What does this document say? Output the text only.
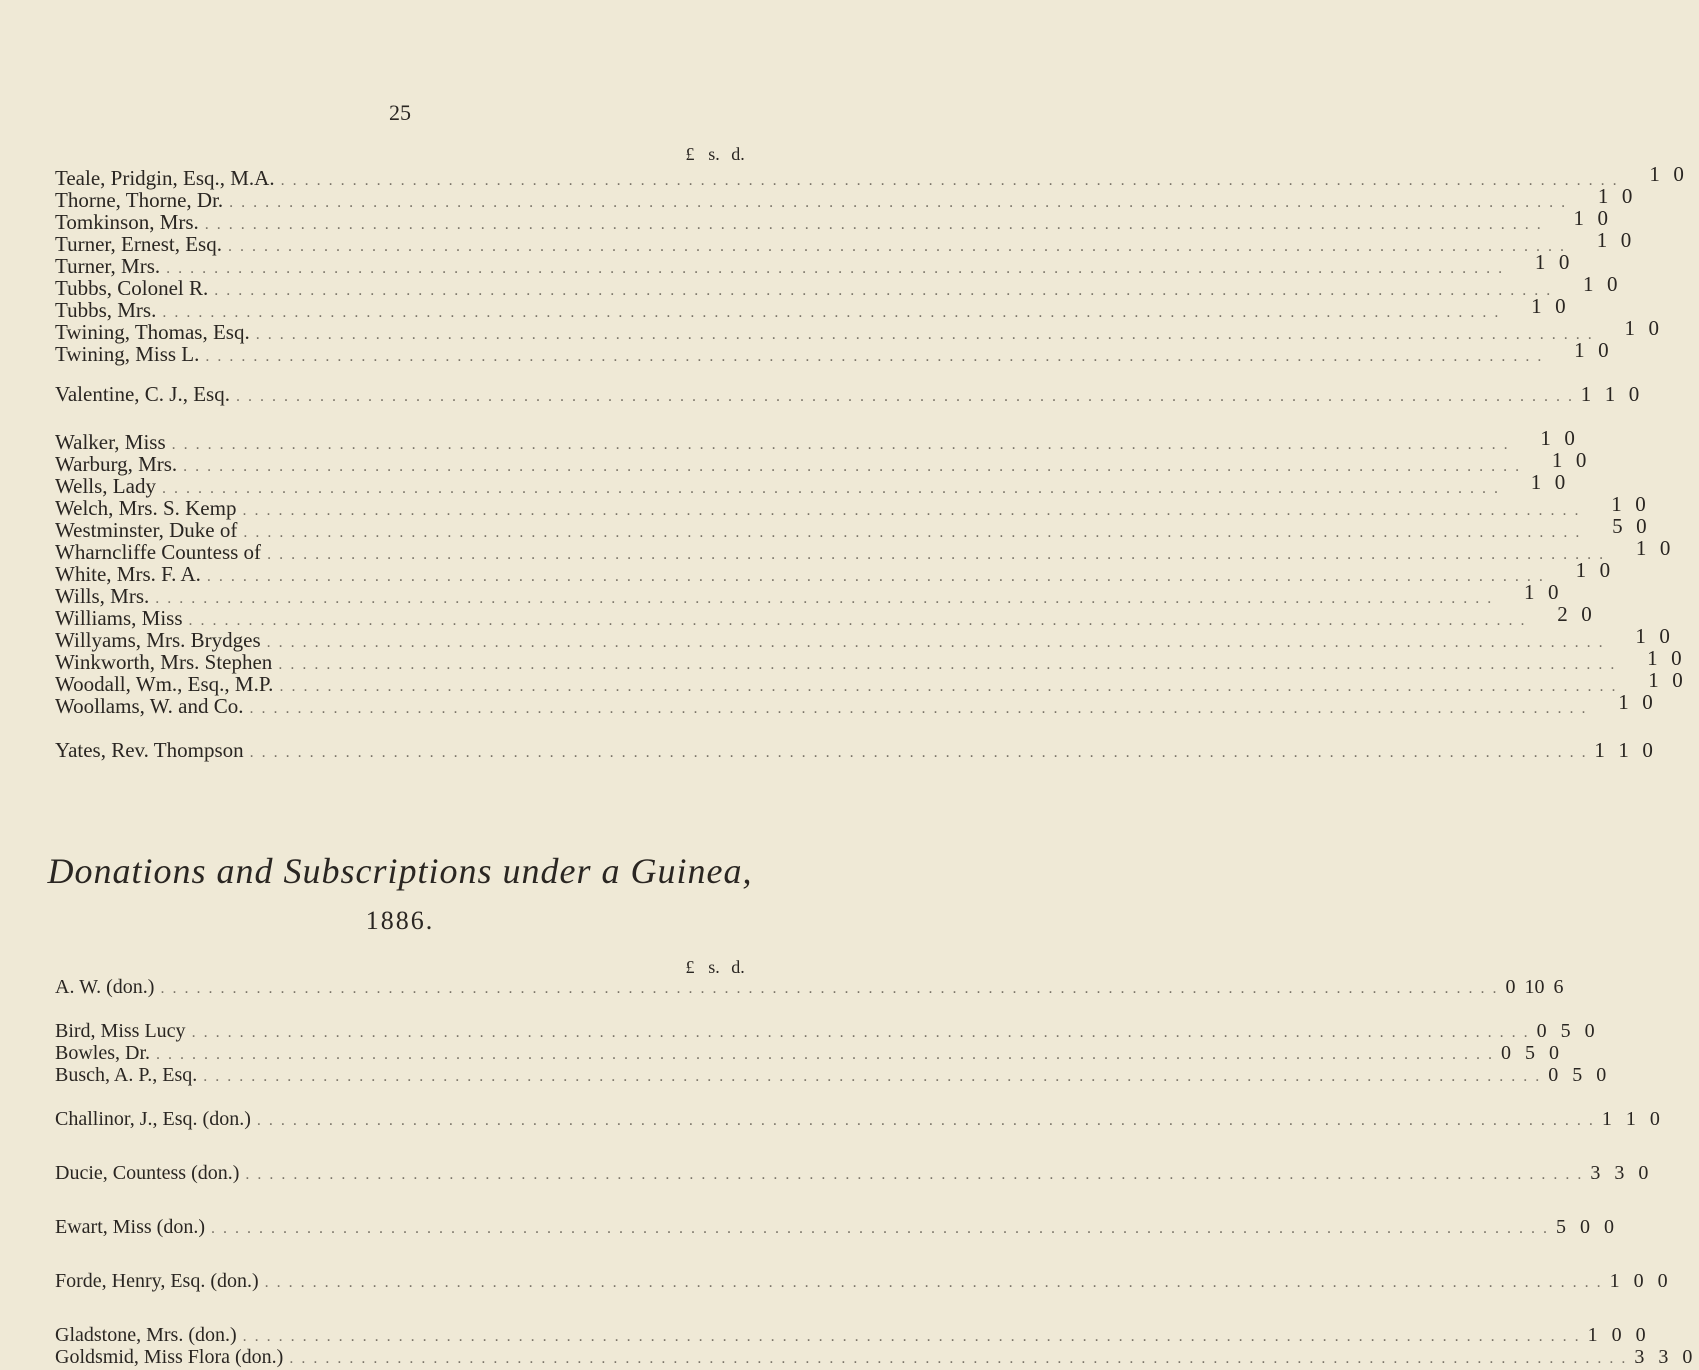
25
£ s. d.
Teale, Pridgin, Esq., M.A. . . . . . . . . . . . . . . . . . . . . . . . . . . . . . . . . . . . . . . . . . . . . . . . . . . . . . . . . . . . . . . . . . . . . . . . . . . . . . . . . . . . . . . . . . . . . . . . . . . . . . . . . . . . . . . . .	1 0
Thorne, Thorne, Dr. . . . . . . . . . . . . . . . . . . . . . . . . . . . . . . . . . . . . . . . . . . . . . . . . . . . . . . . . . . . . . . . . . . . . . . . . . . . . . . . . . . . . . . . . . . . . . . . . . . . . . . . . . . . . . . . .	1 0
Tomkinson, Mrs. . . . . . . . . . . . . . . . . . . . . . . . . . . . . . . . . . . . . . . . . . . . . . . . . . . . . . . . . . . . . . . . . . . . . . . . . . . . . . . . . . . . . . . . . . . . . . . . . . . . . . . . . . . . . . . . .	1 0
Turner, Ernest, Esq. . . . . . . . . . . . . . . . . . . . . . . . . . . . . . . . . . . . . . . . . . . . . . . . . . . . . . . . . . . . . . . . . . . . . . . . . . . . . . . . . . . . . . . . . . . . . . . . . . . . . . . . . . . . . . . . .	1 0
Turner, Mrs. . . . . . . . . . . . . . . . . . . . . . . . . . . . . . . . . . . . . . . . . . . . . . . . . . . . . . . . . . . . . . . . . . . . . . . . . . . . . . . . . . . . . . . . . . . . . . . . . . . . . . . . . . . . . . . . .	1 0
Tubbs, Colonel R. . . . . . . . . . . . . . . . . . . . . . . . . . . . . . . . . . . . . . . . . . . . . . . . . . . . . . . . . . . . . . . . . . . . . . . . . . . . . . . . . . . . . . . . . . . . . . . . . . . . . . . . . . . . . . . . .	1 0
Tubbs, Mrs. . . . . . . . . . . . . . . . . . . . . . . . . . . . . . . . . . . . . . . . . . . . . . . . . . . . . . . . . . . . . . . . . . . . . . . . . . . . . . . . . . . . . . . . . . . . . . . . . . . . . . . . . . . . . . . . .	1 0
Twining, Thomas, Esq. . . . . . . . . . . . . . . . . . . . . . . . . . . . . . . . . . . . . . . . . . . . . . . . . . . . . . . . . . . . . . . . . . . . . . . . . . . . . . . . . . . . . . . . . . . . . . . . . . . . . . . . . . . . . . . . .	1 0
Twining, Miss L. . . . . . . . . . . . . . . . . . . . . . . . . . . . . . . . . . . . . . . . . . . . . . . . . . . . . . . . . . . . . . . . . . . . . . . . . . . . . . . . . . . . . . . . . . . . . . . . . . . . . . . . . . . . . . . . .	1 0
Valentine, C. J., Esq. . . . . . . . . . . . . . . . . . . . . . . . . . . . . . . . . . . . . . . . . . . . . . . . . . . . . . . . . . . . . . . . . . . . . . . . . . . . . . . . . . . . . . . . . . . . . . . . . . . . . . . . . . . . . . . . . 1 1 0
Walker, Miss . . . . . . . . . . . . . . . . . . . . . . . . . . . . . . . . . . . . . . . . . . . . . . . . . . . . . . . . . . . . . . . . . . . . . . . . . . . . . . . . . . . . . . . . . . . . . . . . . . . . . . . . . . . . . . . .	1 0
Warburg, Mrs. . . . . . . . . . . . . . . . . . . . . . . . . . . . . . . . . . . . . . . . . . . . . . . . . . . . . . . . . . . . . . . . . . . . . . . . . . . . . . . . . . . . . . . . . . . . . . . . . . . . . . . . . . . . . . . . .	1 0
Wells, Lady . . . . . . . . . . . . . . . . . . . . . . . . . . . . . . . . . . . . . . . . . . . . . . . . . . . . . . . . . . . . . . . . . . . . . . . . . . . . . . . . . . . . . . . . . . . . . . . . . . . . . . . . . . . . . . . .	1 0
Welch, Mrs. S. Kemp . . . . . . . . . . . . . . . . . . . . . . . . . . . . . . . . . . . . . . . . . . . . . . . . . . . . . . . . . . . . . . . . . . . . . . . . . . . . . . . . . . . . . . . . . . . . . . . . . . . . . . . . . . . . . . . .	1 0
Westminster, Duke of . . . . . . . . . . . . . . . . . . . . . . . . . . . . . . . . . . . . . . . . . . . . . . . . . . . . . . . . . . . . . . . . . . . . . . . . . . . . . . . . . . . . . . . . . . . . . . . . . . . . . . . . . . . . . . . .	5 0
Wharncliffe Countess of . . . . . . . . . . . . . . . . . . . . . . . . . . . . . . . . . . . . . . . . . . . . . . . . . . . . . . . . . . . . . . . . . . . . . . . . . . . . . . . . . . . . . . . . . . . . . . . . . . . . . . . . . . . . . . . .	1 0
White, Mrs. F. A. . . . . . . . . . . . . . . . . . . . . . . . . . . . . . . . . . . . . . . . . . . . . . . . . . . . . . . . . . . . . . . . . . . . . . . . . . . . . . . . . . . . . . . . . . . . . . . . . . . . . . . . . . . . . . . . .	1 0
Wills, Mrs. . . . . . . . . . . . . . . . . . . . . . . . . . . . . . . . . . . . . . . . . . . . . . . . . . . . . . . . . . . . . . . . . . . . . . . . . . . . . . . . . . . . . . . . . . . . . . . . . . . . . . . . . . . . . . . . .	1 0
Williams, Miss . . . . . . . . . . . . . . . . . . . . . . . . . . . . . . . . . . . . . . . . . . . . . . . . . . . . . . . . . . . . . . . . . . . . . . . . . . . . . . . . . . . . . . . . . . . . . . . . . . . . . . . . . . . . . . . .	2 0
Willyams, Mrs. Brydges . . . . . . . . . . . . . . . . . . . . . . . . . . . . . . . . . . . . . . . . . . . . . . . . . . . . . . . . . . . . . . . . . . . . . . . . . . . . . . . . . . . . . . . . . . . . . . . . . . . . . . . . . . . . . . . .	1 0
Winkworth, Mrs. Stephen . . . . . . . . . . . . . . . . . . . . . . . . . . . . . . . . . . . . . . . . . . . . . . . . . . . . . . . . . . . . . . . . . . . . . . . . . . . . . . . . . . . . . . . . . . . . . . . . . . . . . . . . . . . . . . . .	1 0
Woodall, Wm., Esq., M.P. . . . . . . . . . . . . . . . . . . . . . . . . . . . . . . . . . . . . . . . . . . . . . . . . . . . . . . . . . . . . . . . . . . . . . . . . . . . . . . . . . . . . . . . . . . . . . . . . . . . . . . . . . . . . . . . .	1 0
Woollams, W. and Co. . . . . . . . . . . . . . . . . . . . . . . . . . . . . . . . . . . . . . . . . . . . . . . . . . . . . . . . . . . . . . . . . . . . . . . . . . . . . . . . . . . . . . . . . . . . . . . . . . . . . . . . . . . . . . . . .	1 0
Yates, Rev. Thompson . . . . . . . . . . . . . . . . . . . . . . . . . . . . . . . . . . . . . . . . . . . . . . . . . . . . . . . . . . . . . . . . . . . . . . . . . . . . . . . . . . . . . . . . . . . . . . . . . . . . . . . . . . . . . . . . 1 1 0
Donations and Subscriptions under a Guinea,
1886.
£ s. d.
A. W. (don.) . . . . . . . . . . . . . . . . . . . . . . . . . . . . . . . . . . . . . . . . . . . . . . . . . . . . . . . . . . . . . . . . . . . . . . . . . . . . . . . . . . . . . . . . . . . . . . . . . . . . . . . . . . . . . . . . 0 10 6
Bird, Miss Lucy . . . . . . . . . . . . . . . . . . . . . . . . . . . . . . . . . . . . . . . . . . . . . . . . . . . . . . . . . . . . . . . . . . . . . . . . . . . . . . . . . . . . . . . . . . . . . . . . . . . . . . . . . . . . . . . . 0 5 0
Bowles, Dr. . . . . . . . . . . . . . . . . . . . . . . . . . . . . . . . . . . . . . . . . . . . . . . . . . . . . . . . . . . . . . . . . . . . . . . . . . . . . . . . . . . . . . . . . . . . . . . . . . . . . . . . . . . . . . . . . 0 5 0
Busch, A. P., Esq. . . . . . . . . . . . . . . . . . . . . . . . . . . . . . . . . . . . . . . . . . . . . . . . . . . . . . . . . . . . . . . . . . . . . . . . . . . . . . . . . . . . . . . . . . . . . . . . . . . . . . . . . . . . . . . . . 0 5 0
Challinor, J., Esq. (don.) . . . . . . . . . . . . . . . . . . . . . . . . . . . . . . . . . . . . . . . . . . . . . . . . . . . . . . . . . . . . . . . . . . . . . . . . . . . . . . . . . . . . . . . . . . . . . . . . . . . . . . . . . . . . . . . . 1 1 0
Ducie, Countess (don.) . . . . . . . . . . . . . . . . . . . . . . . . . . . . . . . . . . . . . . . . . . . . . . . . . . . . . . . . . . . . . . . . . . . . . . . . . . . . . . . . . . . . . . . . . . . . . . . . . . . . . . . . . . . . . . . . 3 3 0
Ewart, Miss (don.) . . . . . . . . . . . . . . . . . . . . . . . . . . . . . . . . . . . . . . . . . . . . . . . . . . . . . . . . . . . . . . . . . . . . . . . . . . . . . . . . . . . . . . . . . . . . . . . . . . . . . . . . . . . . . . . . 5 0 0
Forde, Henry, Esq. (don.) . . . . . . . . . . . . . . . . . . . . . . . . . . . . . . . . . . . . . . . . . . . . . . . . . . . . . . . . . . . . . . . . . . . . . . . . . . . . . . . . . . . . . . . . . . . . . . . . . . . . . . . . . . . . . . . . 1 0 0
Gladstone, Mrs. (don.) . . . . . . . . . . . . . . . . . . . . . . . . . . . . . . . . . . . . . . . . . . . . . . . . . . . . . . . . . . . . . . . . . . . . . . . . . . . . . . . . . . . . . . . . . . . . . . . . . . . . . . . . . . . . . . . . 1 0 0
Goldsmid, Miss Flora (don.) . . . . . . . . . . . . . . . . . . . . . . . . . . . . . . . . . . . . . . . . . . . . . . . . . . . . . . . . . . . . . . . . . . . . . . . . . . . . . . . . . . . . . . . . . . . . . . . . . . . . . . . . . . . . . . . . 3 3 0
